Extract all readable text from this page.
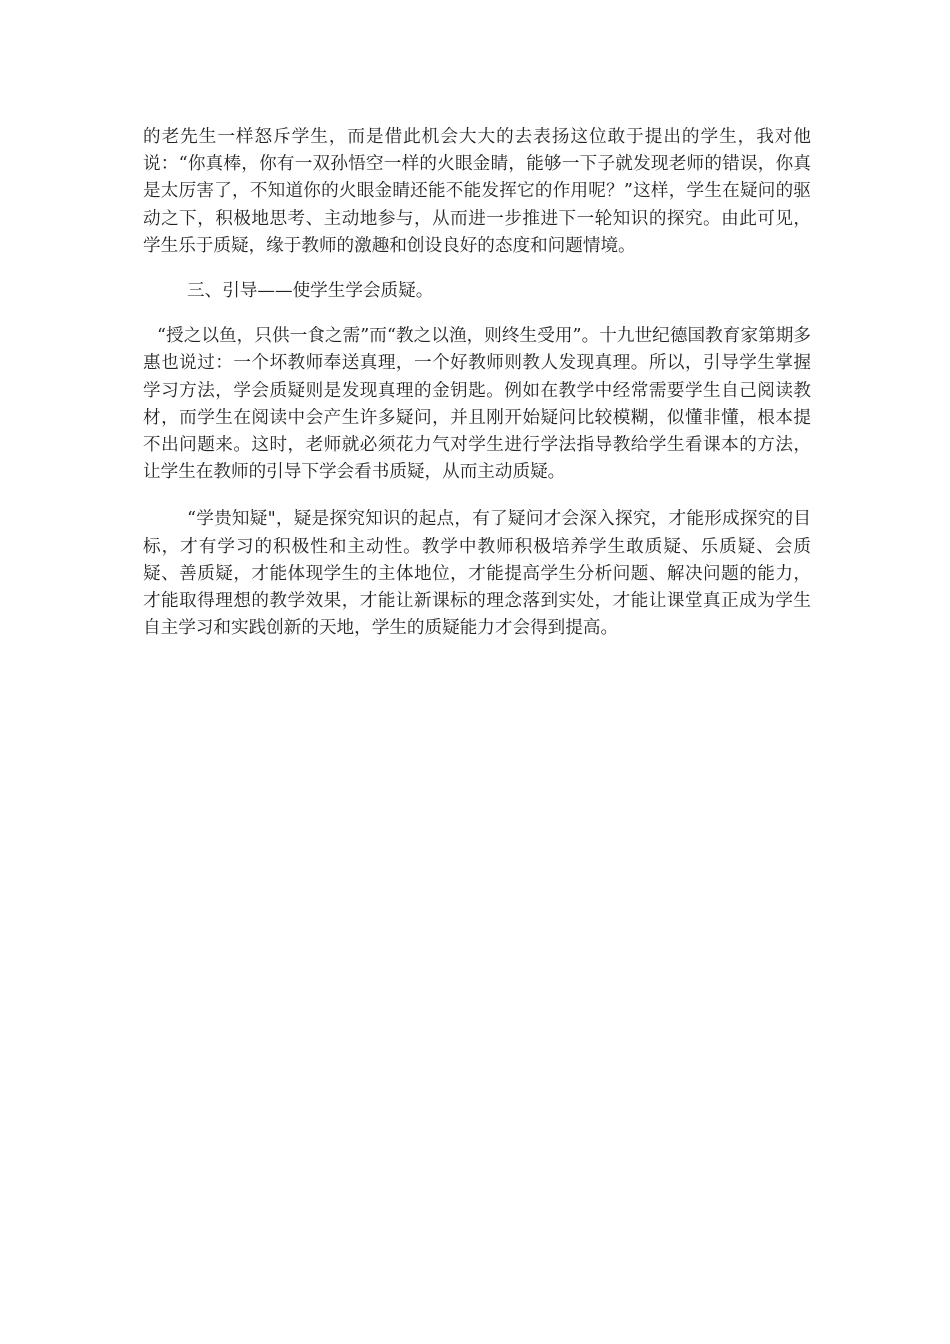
的老先生一样怒斥学生，而是借此机会大大的去表扬这位敢于提出的学生，我对他说：“你真棒，你有一双孙悟空一样的火眼金睛，能够一下子就发现老师的错误，你真是太厉害了，不知道你的火眼金睛还能不能发挥它的作用呢？”这样，学生在疑问的驱动之下，积极地思考、主动地参与，从而进一步推进下一轮知识的探究。由此可见，学生乐于质疑，缘于教师的激趣和创设良好的态度和问题情境。

三、引导——使学生学会质疑。

“授之以鱼，只供一食之需”而“教之以渔，则终生受用”。十九世纪德国教育家第期多惠也说过：一个坏教师奉送真理，一个好教师则教人发现真理。所以，引导学生掌握学习方法，学会质疑则是发现真理的金钥匙。例如在教学中经常需要学生自己阅读教材，而学生在阅读中会产生许多疑问，并且刚开始疑问比较模糊，似懂非懂，根本提不出问题来。这时，老师就必须花力气对学生进行学法指导教给学生看课本的方法，让学生在教师的引导下学会看书质疑，从而主动质疑。

“学贵知疑"，疑是探究知识的起点，有了疑问才会深入探究，才能形成探究的目标，才有学习的积极性和主动性。教学中教师积极培养学生敢质疑、乐质疑、会质疑、善质疑，才能体现学生的主体地位，才能提高学生分析问题、解决问题的能力，才能取得理想的教学效果，才能让新课标的理念落到实处，才能让课堂真正成为学生自主学习和实践创新的天地，学生的质疑能力才会得到提高。
